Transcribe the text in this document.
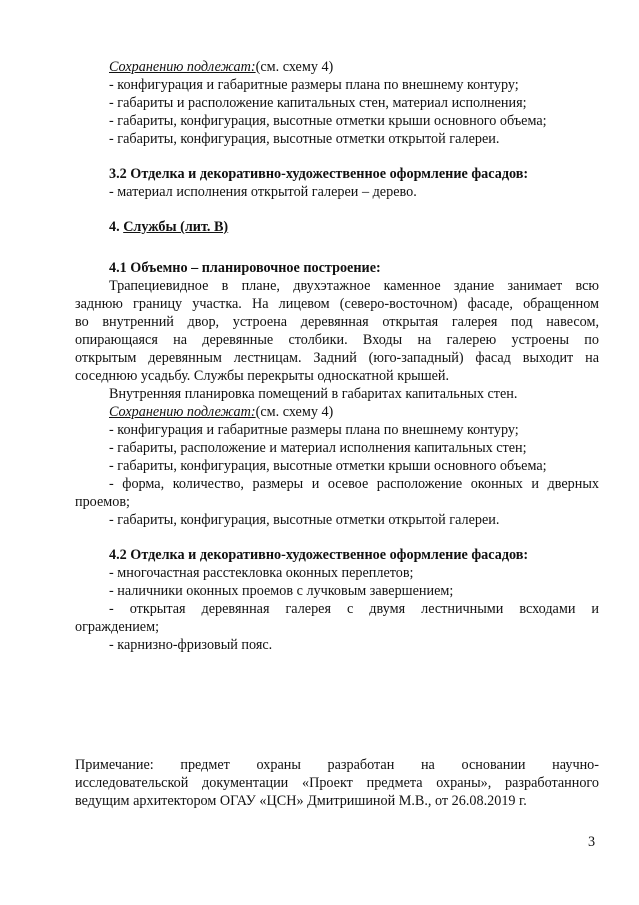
Сохранению подлежат:(см. схему 4)
- конфигурация и габаритные размеры плана по внешнему контуру;
- габариты и расположение капитальных стен, материал исполнения;
- габариты, конфигурация, высотные отметки крыши основного объема;
- габариты, конфигурация, высотные отметки открытой галереи.
3.2 Отделка и декоративно-художественное оформление фасадов:
- материал исполнения открытой галереи – дерево.
4. Службы (лит. В)
4.1 Объемно – планировочное построение:
Трапециевидное в плане, двухэтажное каменное здание занимает всю
заднюю границу участка. На лицевом (северо-восточном) фасаде, обращенном
во внутренний двор, устроена деревянная открытая галерея под навесом,
опирающаяся на деревянные столбики. Входы на галерею устроены по
открытым деревянным лестницам. Задний (юго-западный) фасад выходит на
соседнюю усадьбу. Службы перекрыты односкатной крышей.
Внутренняя планировка помещений в габаритах капитальных стен.
Сохранению подлежат:(см. схему 4)
- конфигурация и габаритные размеры плана по внешнему контуру;
- габариты, расположение и материал исполнения капитальных стен;
- габариты, конфигурация, высотные отметки крыши основного объема;
- форма, количество, размеры и осевое расположение оконных и дверных
проемов;
- габариты, конфигурация, высотные отметки открытой галереи.
4.2 Отделка и декоративно-художественное оформление фасадов:
- многочастная расстекловка оконных переплетов;
- наличники оконных проемов с лучковым завершением;
- открытая деревянная галерея с двумя лестничными всходами и
ограждением;
- карнизно-фризовый пояс.
Примечание: предмет охраны разработан на основании научно-
исследовательской документации «Проект предмета охраны», разработанного
ведущим архитектором ОГАУ «ЦСН» Дмитришиной М.В., от 26.08.2019 г.
3
